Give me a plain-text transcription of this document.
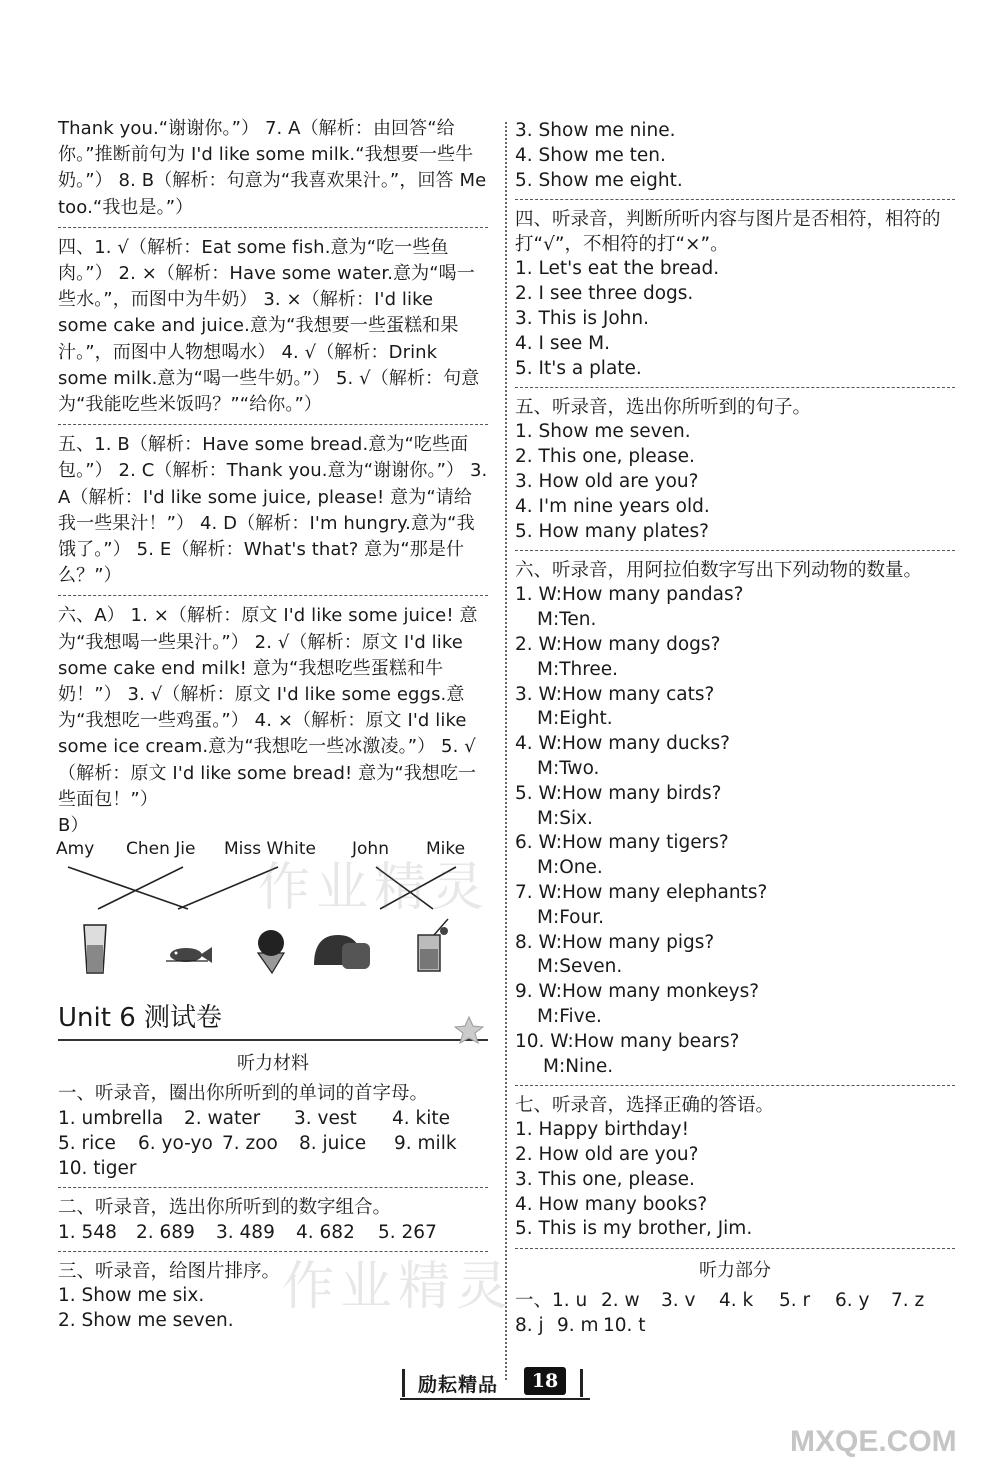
Thank you.“谢谢你。”） 7. A（解析：由回答“给你。”推断前句为 I'd like some milk.“我想要一些牛奶。”） 8. B（解析：句意为“我喜欢果汁。”，回答 Me too.“我也是。”）

四、1. √（解析：Eat some fish.意为“吃一些鱼肉。”） 2. ×（解析：Have some water.意为“喝一些水。”，而图中为牛奶） 3. ×（解析：I'd like some cake and juice.意为“我想要一些蛋糕和果汁。”，而图中人物想喝水） 4. √（解析：Drink some milk.意为“喝一些牛奶。”） 5. √（解析：句意为“我能吃些米饭吗？”“给你。”）

五、1. B（解析：Have some bread.意为“吃些面包。”） 2. C（解析：Thank you.意为“谢谢你。”） 3. A（解析：I'd like some juice, please! 意为“请给我一些果汁！”） 4. D（解析：I'm hungry.意为“我饿了。”） 5. E（解析：What's that? 意为“那是什么？”）

六、A） 1. ×（解析：原文 I'd like some juice! 意为“我想喝一些果汁。”） 2. √（解析：原文 I'd like some cake end milk! 意为“我想吃些蛋糕和牛奶！”） 3. √（解析：原文 I'd like some eggs.意为“我想吃一些鸡蛋。”） 4. ×（解析：原文 I'd like some ice cream.意为“我想吃一些冰激凌。”） 5. √（解析：原文 I'd like some bread! 意为“我想吃一些面包！”）

B）
Amy Chen Jie Miss White John Mike
Unit 6 测试卷
听力材料
一、听录音，圈出你所听到的单词的首字母。
1. umbrella	2. water	3. vest	4. kite
5. rice	6. yo-yo 7. zoo	8. juice	9. milk
10. tiger
二、听录音，选出你所听到的数字组合。
1. 548	2. 689	3. 489	4. 682	5. 267
三、听录音，给图片排序。
1. Show me six.
2. Show me seven.
3. Show me nine.
4. Show me ten.
5. Show me eight.
四、听录音，判断所听内容与图片是否相符，相符的打“√”，不相符的打“×”。
1. Let's eat the bread.
2. I see three dogs.
3. This is John.
4. I see M.
5. It's a plate.
五、听录音，选出你所听到的句子。
1. Show me seven.
2. This one, please.
3. How old are you?
4. I'm nine years old.
5. How many plates?
六、听录音，用阿拉伯数字写出下列动物的数量。
1. W:How many pandas?
M:Ten.
2. W:How many dogs?
M:Three.
3. W:How many cats?
M:Eight.
4. W:How many ducks?
M:Two.
5. W:How many birds?
M:Six.
6. W:How many tigers?
M:One.
7. W:How many elephants?
M:Four.
8. W:How many pigs?
M:Seven.
9. W:How many monkeys?
M:Five.
10. W:How many bears?
M:Nine.
七、听录音，选择正确的答语。
1. Happy birthday!
2. How old are you?
3. This one, please.
4. How many books?
5. This is my brother, Jim.
听力部分
一、1. u 2. w	3. v	4. k	5. r	6. y	7. z
8. j 9. m 10. t
作业精灵
作业精灵
励耘精品	18
MXQE.COM
